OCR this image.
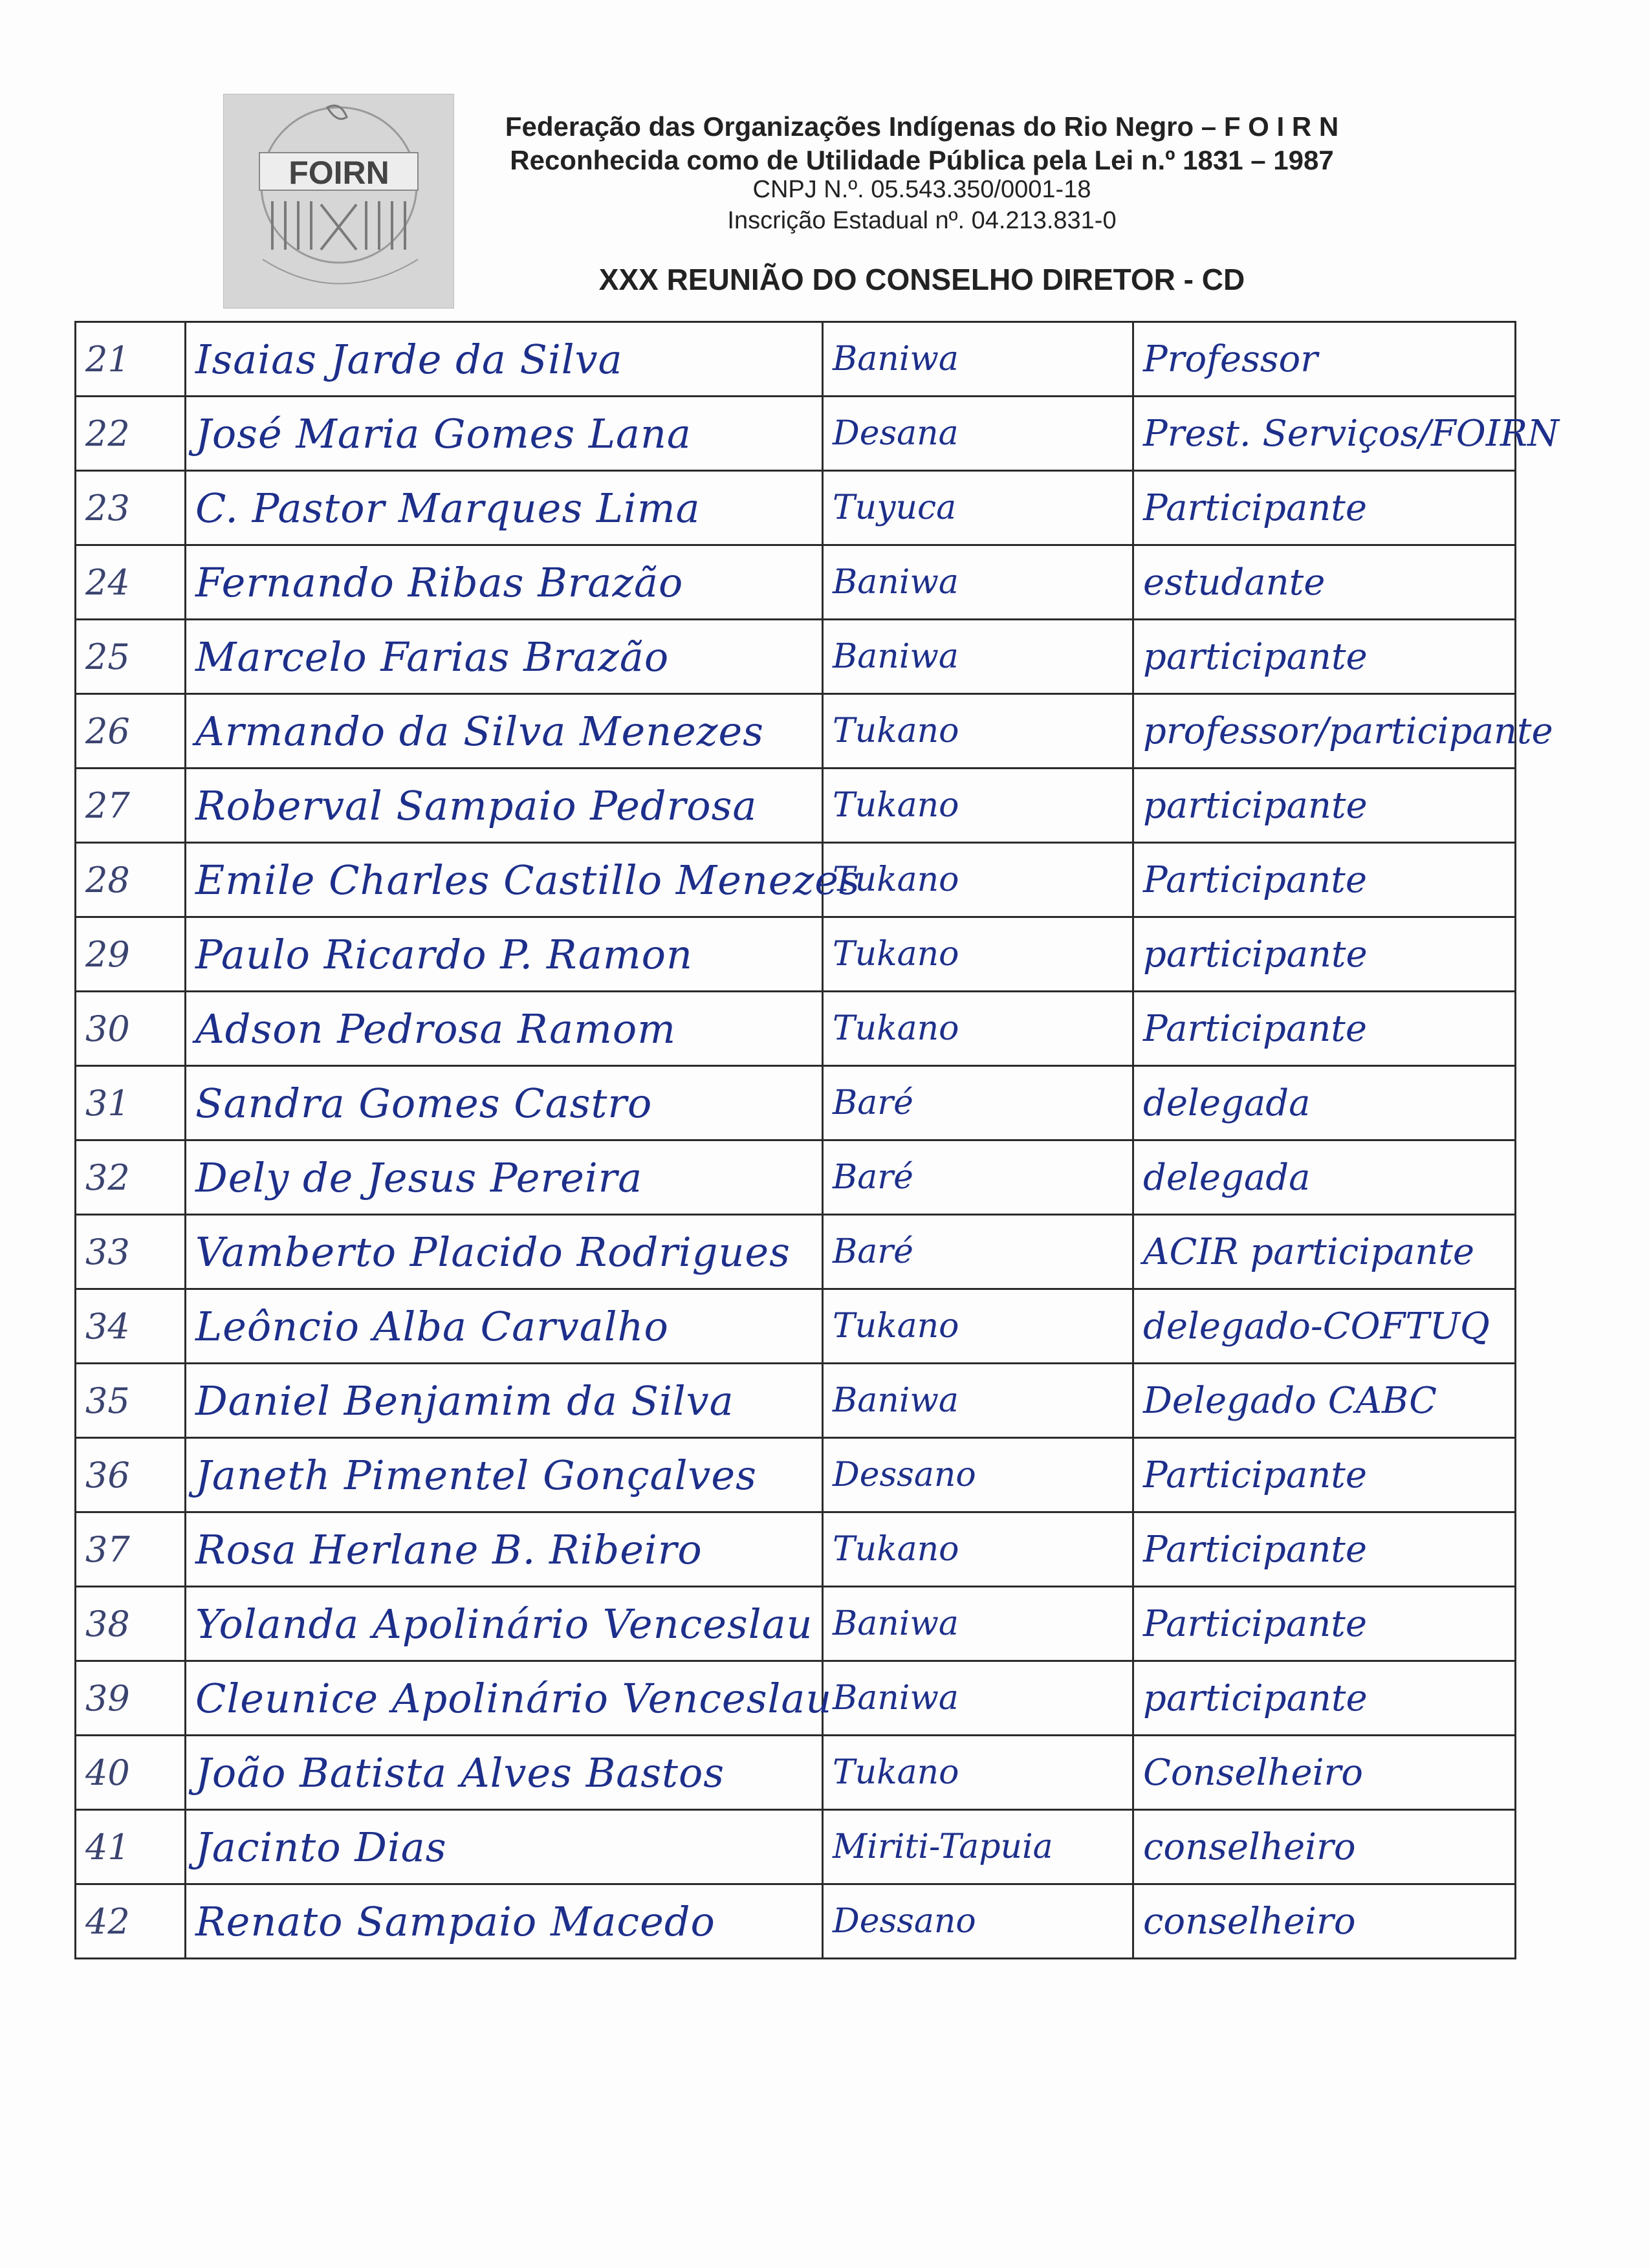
FOIRN
Federação das Organizações Indígenas do Rio Negro – F O I R N
Reconhecida como de Utilidade Pública pela Lei n.º 1831 – 1987
CNPJ N.º. 05.543.350/0001-18
Inscrição Estadual nº. 04.213.831-0
XXX REUNIÃO DO CONSELHO DIRETOR - CD
21	Isaias Jarde da Silva	Baniwa	Professor
22	José Maria Gomes Lana	Desana	Prest. Serviços/FOIRN
23	C. Pastor Marques Lima	Tuyuca	Participante
24	Fernando Ribas Brazão	Baniwa	estudante
25	Marcelo Farias Brazão	Baniwa	participante
26	Armando da Silva Menezes	Tukano	professor/participante
27	Roberval Sampaio Pedrosa	Tukano	participante
28	Emile Charles Castillo Menezes	Tukano	Participante
29	Paulo Ricardo P. Ramon	Tukano	participante
30	Adson Pedrosa Ramom	Tukano	Participante
31	Sandra Gomes Castro	Baré	delegada
32	Dely de Jesus Pereira	Baré	delegada
33	Vamberto Placido Rodrigues	Baré	ACIR participante
34	Leôncio Alba Carvalho	Tukano	delegado-COFTUQ
35	Daniel Benjamim da Silva	Baniwa	Delegado CABC
36	Janeth Pimentel Gonçalves	Dessano	Participante
37	Rosa Herlane B. Ribeiro	Tukano	Participante
38	Yolanda Apolinário Venceslau	Baniwa	Participante
39	Cleunice Apolinário Venceslau	Baniwa	participante
40	João Batista Alves Bastos	Tukano	Conselheiro
41	Jacinto Dias	Miriti-Tapuia	conselheiro
42	Renato Sampaio Macedo	Dessano	conselheiro
